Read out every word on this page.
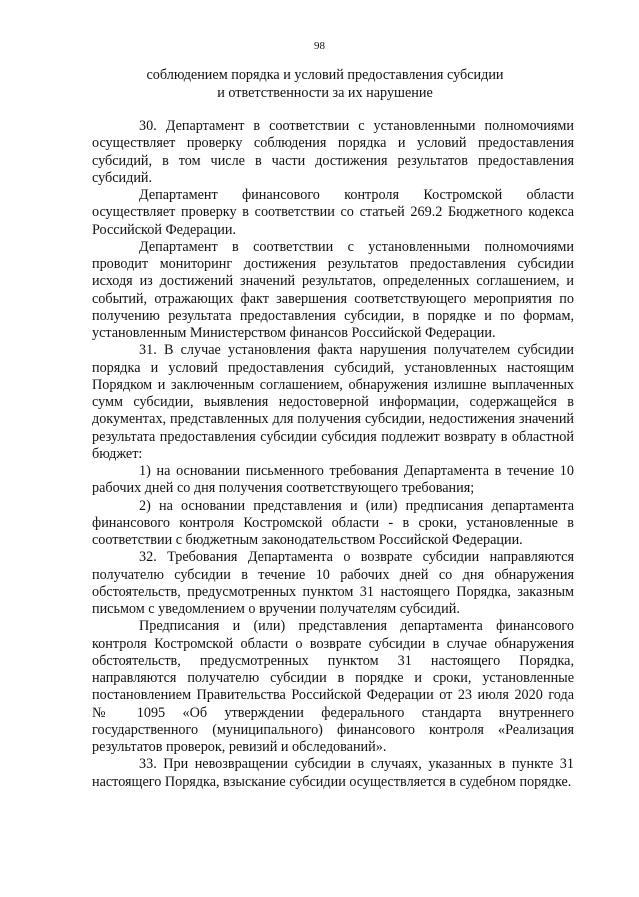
98
соблюдением порядка и условий предоставления субсидии
и ответственности за их нарушение

30. Департамент в соответствии с установленными полномочиями осуществляет проверку соблюдения порядка и условий предоставления субсидий, в том числе в части достижения результатов предоставления субсидий.

Департамент финансового контроля Костромской области осуществляет проверку в соответствии со статьей 269.2 Бюджетного кодекса Российской Федерации.

Департамент в соответствии с установленными полномочиями проводит мониторинг достижения результатов предоставления субсидии исходя из достижений значений результатов, определенных соглашением, и событий, отражающих факт завершения соответствующего мероприятия по получению результата предоставления субсидии, в порядке и по формам, установленным Министерством финансов Российской Федерации.

31. В случае установления факта нарушения получателем субсидии порядка и условий предоставления субсидий, установленных настоящим Порядком и заключенным соглашением, обнаружения излишне выплаченных сумм субсидии, выявления недостоверной информации, содержащейся в документах, представленных для получения субсидии, недостижения значений результата предоставления субсидии субсидия подлежит возврату в областной бюджет:

1) на основании письменного требования Департамента в течение 10 рабочих дней со дня получения соответствующего требования;

2) на основании представления и (или) предписания департамента финансового контроля Костромской области - в сроки, установленные в соответствии с бюджетным законодательством Российской Федерации.

32. Требования Департамента о возврате субсидии направляются получателю субсидии в течение 10 рабочих дней со дня обнаружения обстоятельств, предусмотренных пунктом 31 настоящего Порядка, заказным письмом с уведомлением о вручении получателям субсидий.

Предписания и (или) представления департамента финансового контроля Костромской области о возврате субсидии в случае обнаружения обстоятельств, предусмотренных пунктом 31 настоящего Порядка, направляются получателю субсидии в порядке и сроки, установленные постановлением Правительства Российской Федерации от 23 июля 2020 года № 1095 «Об утверждении федерального стандарта внутреннего государственного (муниципального) финансового контроля «Реализация результатов проверок, ревизий и обследований».

33. При невозвращении субсидии в случаях, указанных в пункте 31 настоящего Порядка, взыскание субсидии осуществляется в судебном порядке.
